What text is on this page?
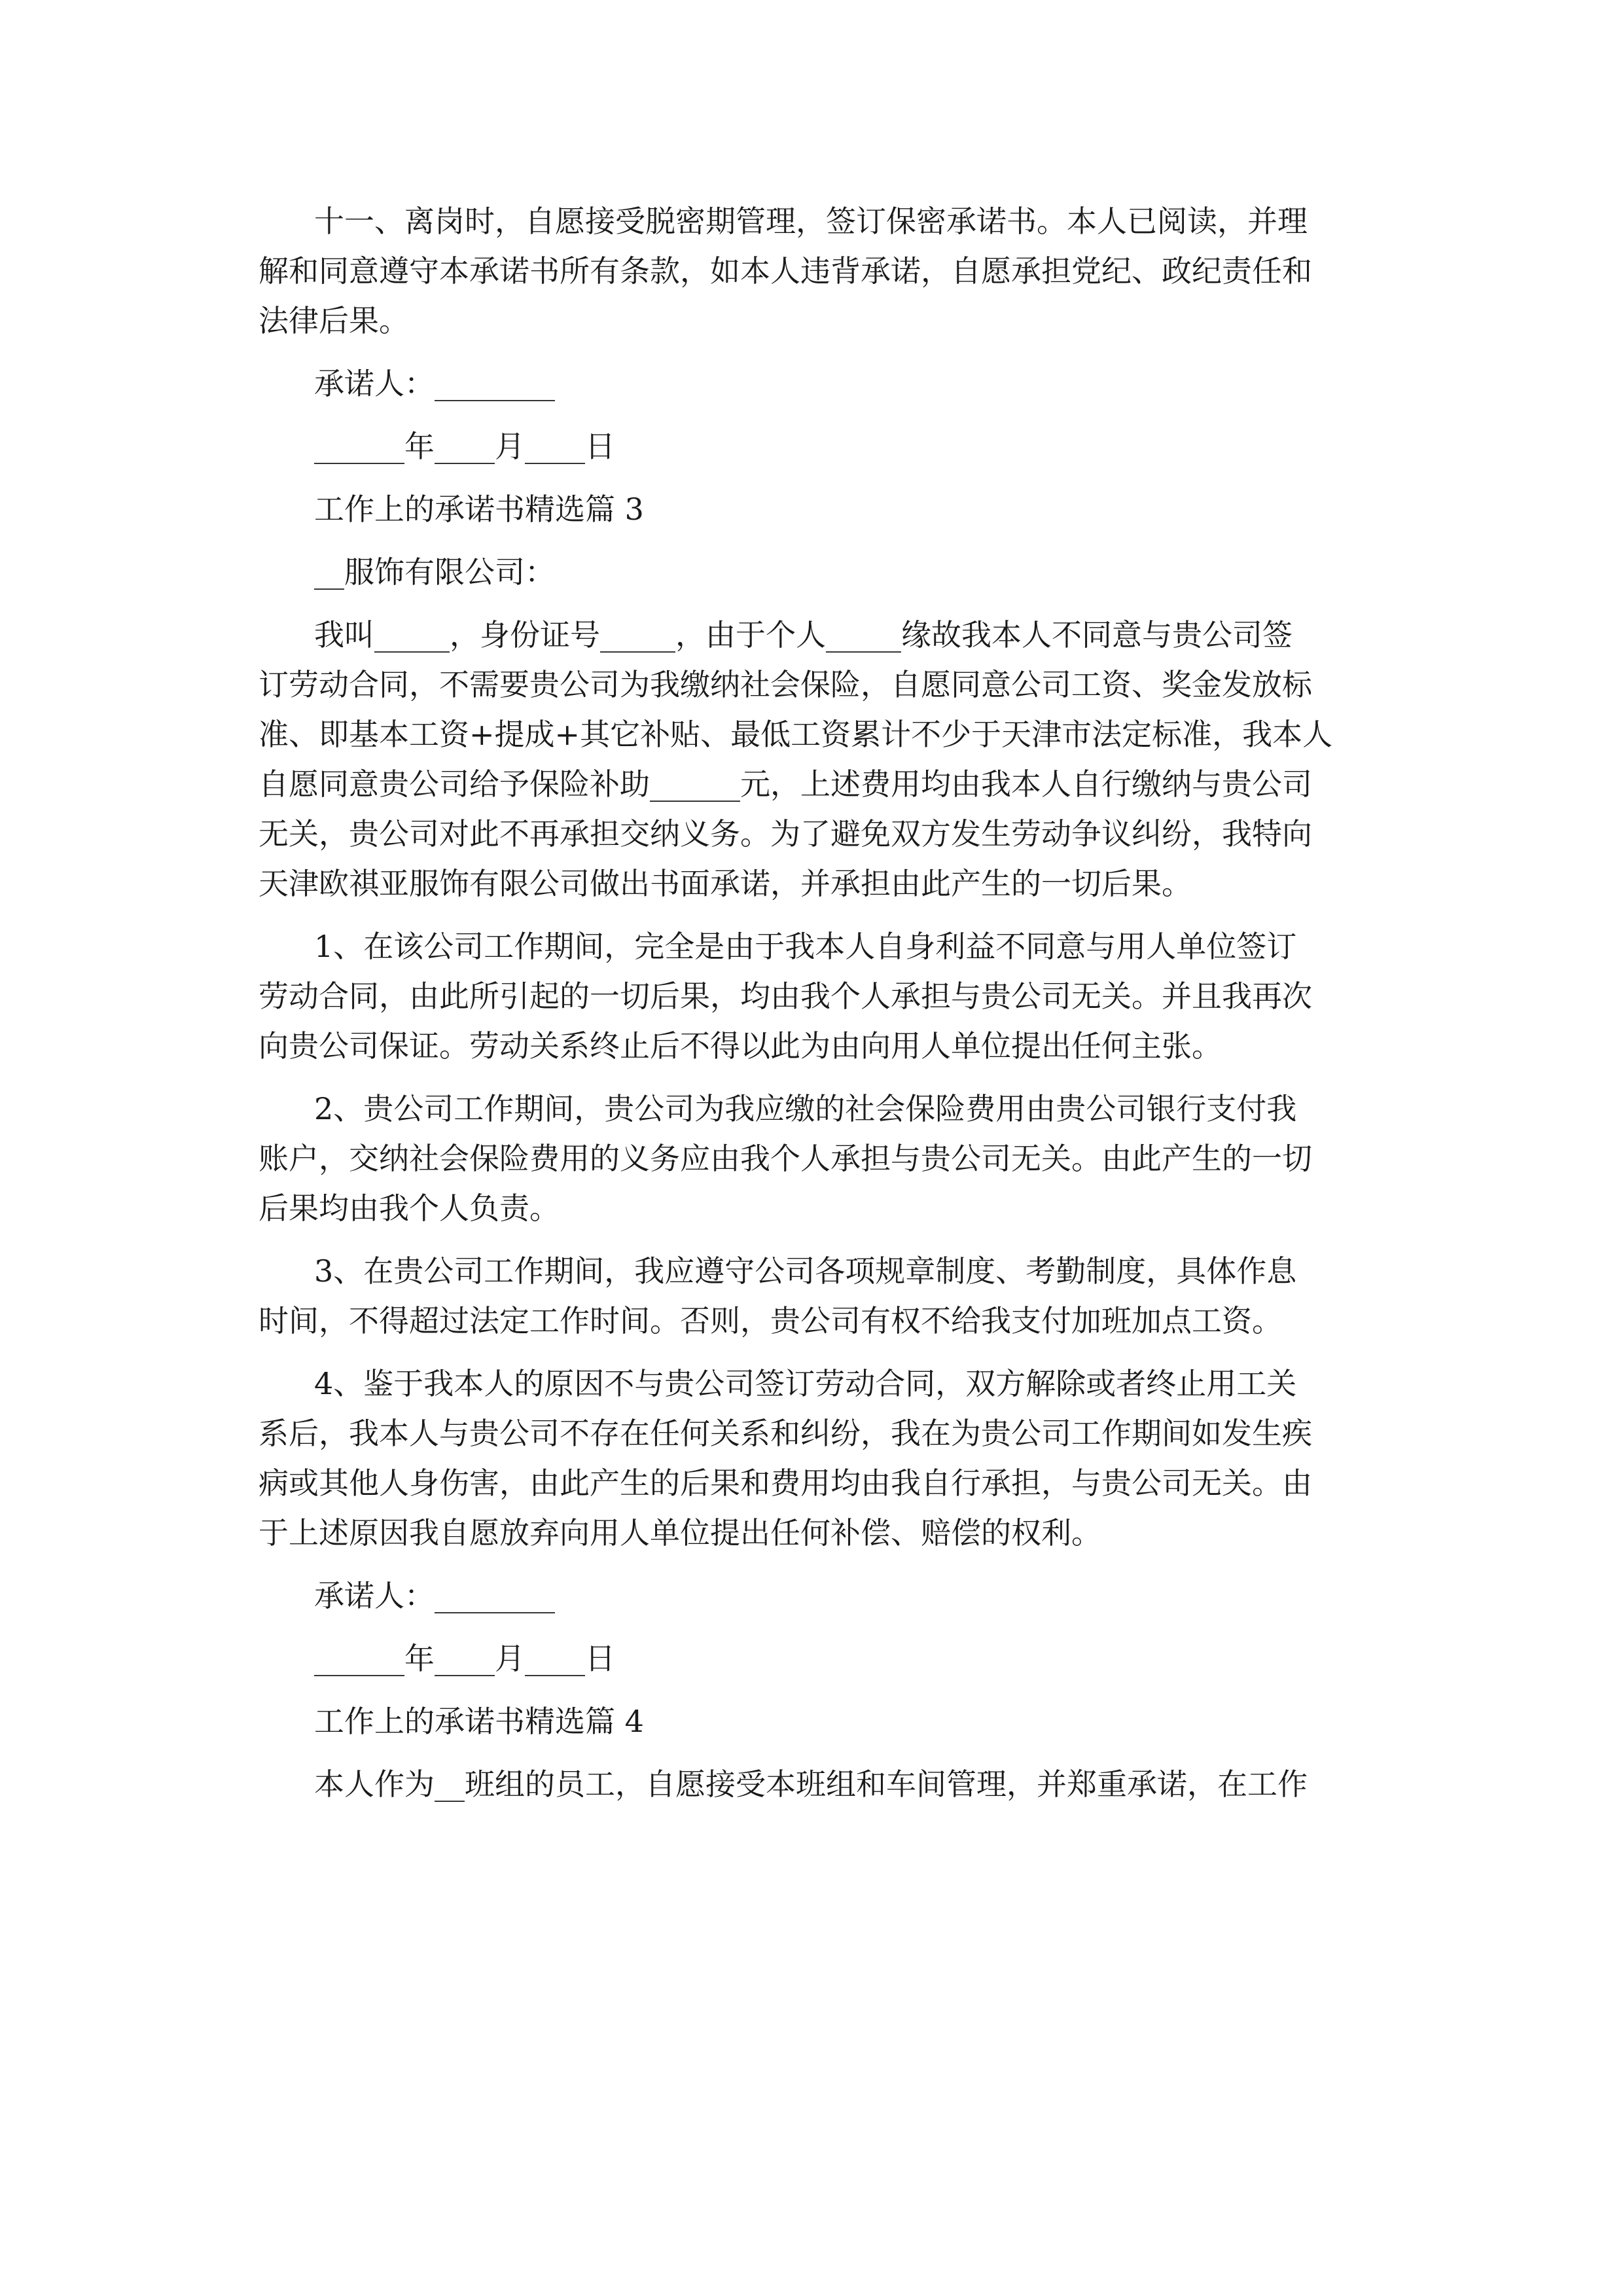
十一、离岗时，自愿接受脱密期管理，签订保密承诺书。本人已阅读，并理
解和同意遵守本承诺书所有条款，如本人违背承诺，自愿承担党纪、政纪责任和
法律后果。
承诺人：________
______年____月____日
工作上的承诺书精选篇 3
__服饰有限公司：
我叫_____，身份证号_____，由于个人_____缘故我本人不同意与贵公司签
订劳动合同，不需要贵公司为我缴纳社会保险，自愿同意公司工资、奖金发放标
准、即基本工资+提成+其它补贴、最低工资累计不少于天津市法定标准，我本人
自愿同意贵公司给予保险补助______元，上述费用均由我本人自行缴纳与贵公司
无关，贵公司对此不再承担交纳义务。为了避免双方发生劳动争议纠纷，我特向
天津欧祺亚服饰有限公司做出书面承诺，并承担由此产生的一切后果。
1、在该公司工作期间，完全是由于我本人自身利益不同意与用人单位签订
劳动合同，由此所引起的一切后果，均由我个人承担与贵公司无关。并且我再次
向贵公司保证。劳动关系终止后不得以此为由向用人单位提出任何主张。
2、贵公司工作期间，贵公司为我应缴的社会保险费用由贵公司银行支付我
账户，交纳社会保险费用的义务应由我个人承担与贵公司无关。由此产生的一切
后果均由我个人负责。
3、在贵公司工作期间，我应遵守公司各项规章制度、考勤制度，具体作息
时间，不得超过法定工作时间。否则，贵公司有权不给我支付加班加点工资。
4、鉴于我本人的原因不与贵公司签订劳动合同，双方解除或者终止用工关
系后，我本人与贵公司不存在任何关系和纠纷，我在为贵公司工作期间如发生疾
病或其他人身伤害，由此产生的后果和费用均由我自行承担，与贵公司无关。由
于上述原因我自愿放弃向用人单位提出任何补偿、赔偿的权利。
承诺人：________
______年____月____日
工作上的承诺书精选篇 4
本人作为__班组的员工，自愿接受本班组和车间管理，并郑重承诺，在工作
